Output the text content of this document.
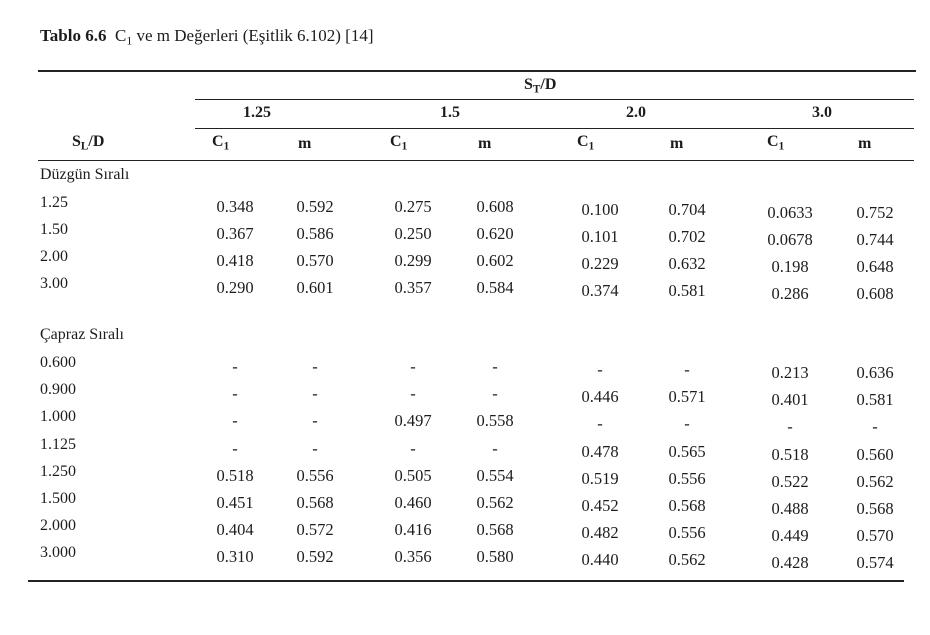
Tablo 6.6 $C_1$ ve m Değerleri (Eşitlik 6.102) [14]
$S_T/D$
$S_L/D$
1.25	1.5	2.0	3.0
$C_1$	m	$C_1$	m	$C_1$	m	$C_1$	m
Düzgün Sıralı
1.25	0.348	0.592	0.275	0.608	0.100	0.704	0.0633	0.752
1.50	0.367	0.586	0.250	0.620	0.101	0.702	0.0678	0.744
2.00	0.418	0.570	0.299	0.602	0.229	0.632	0.198	0.648
3.00	0.290	0.601	0.357	0.584	0.374	0.581	0.286	0.608
Çapraz Sıralı
0.600	-	-	-	-	-	-	0.213	0.636
0.900	-	-	-	-	0.446	0.571	0.401	0.581
1.000	-	-	0.497	0.558	-	-	-	-
1.125	-	-	-	-	0.478	0.565	0.518	0.560
1.250	0.518	0.556	0.505	0.554	0.519	0.556	0.522	0.562
1.500	0.451	0.568	0.460	0.562	0.452	0.568	0.488	0.568
2.000	0.404	0.572	0.416	0.568	0.482	0.556	0.449	0.570
3.000	0.310	0.592	0.356	0.580	0.440	0.562	0.428	0.574
